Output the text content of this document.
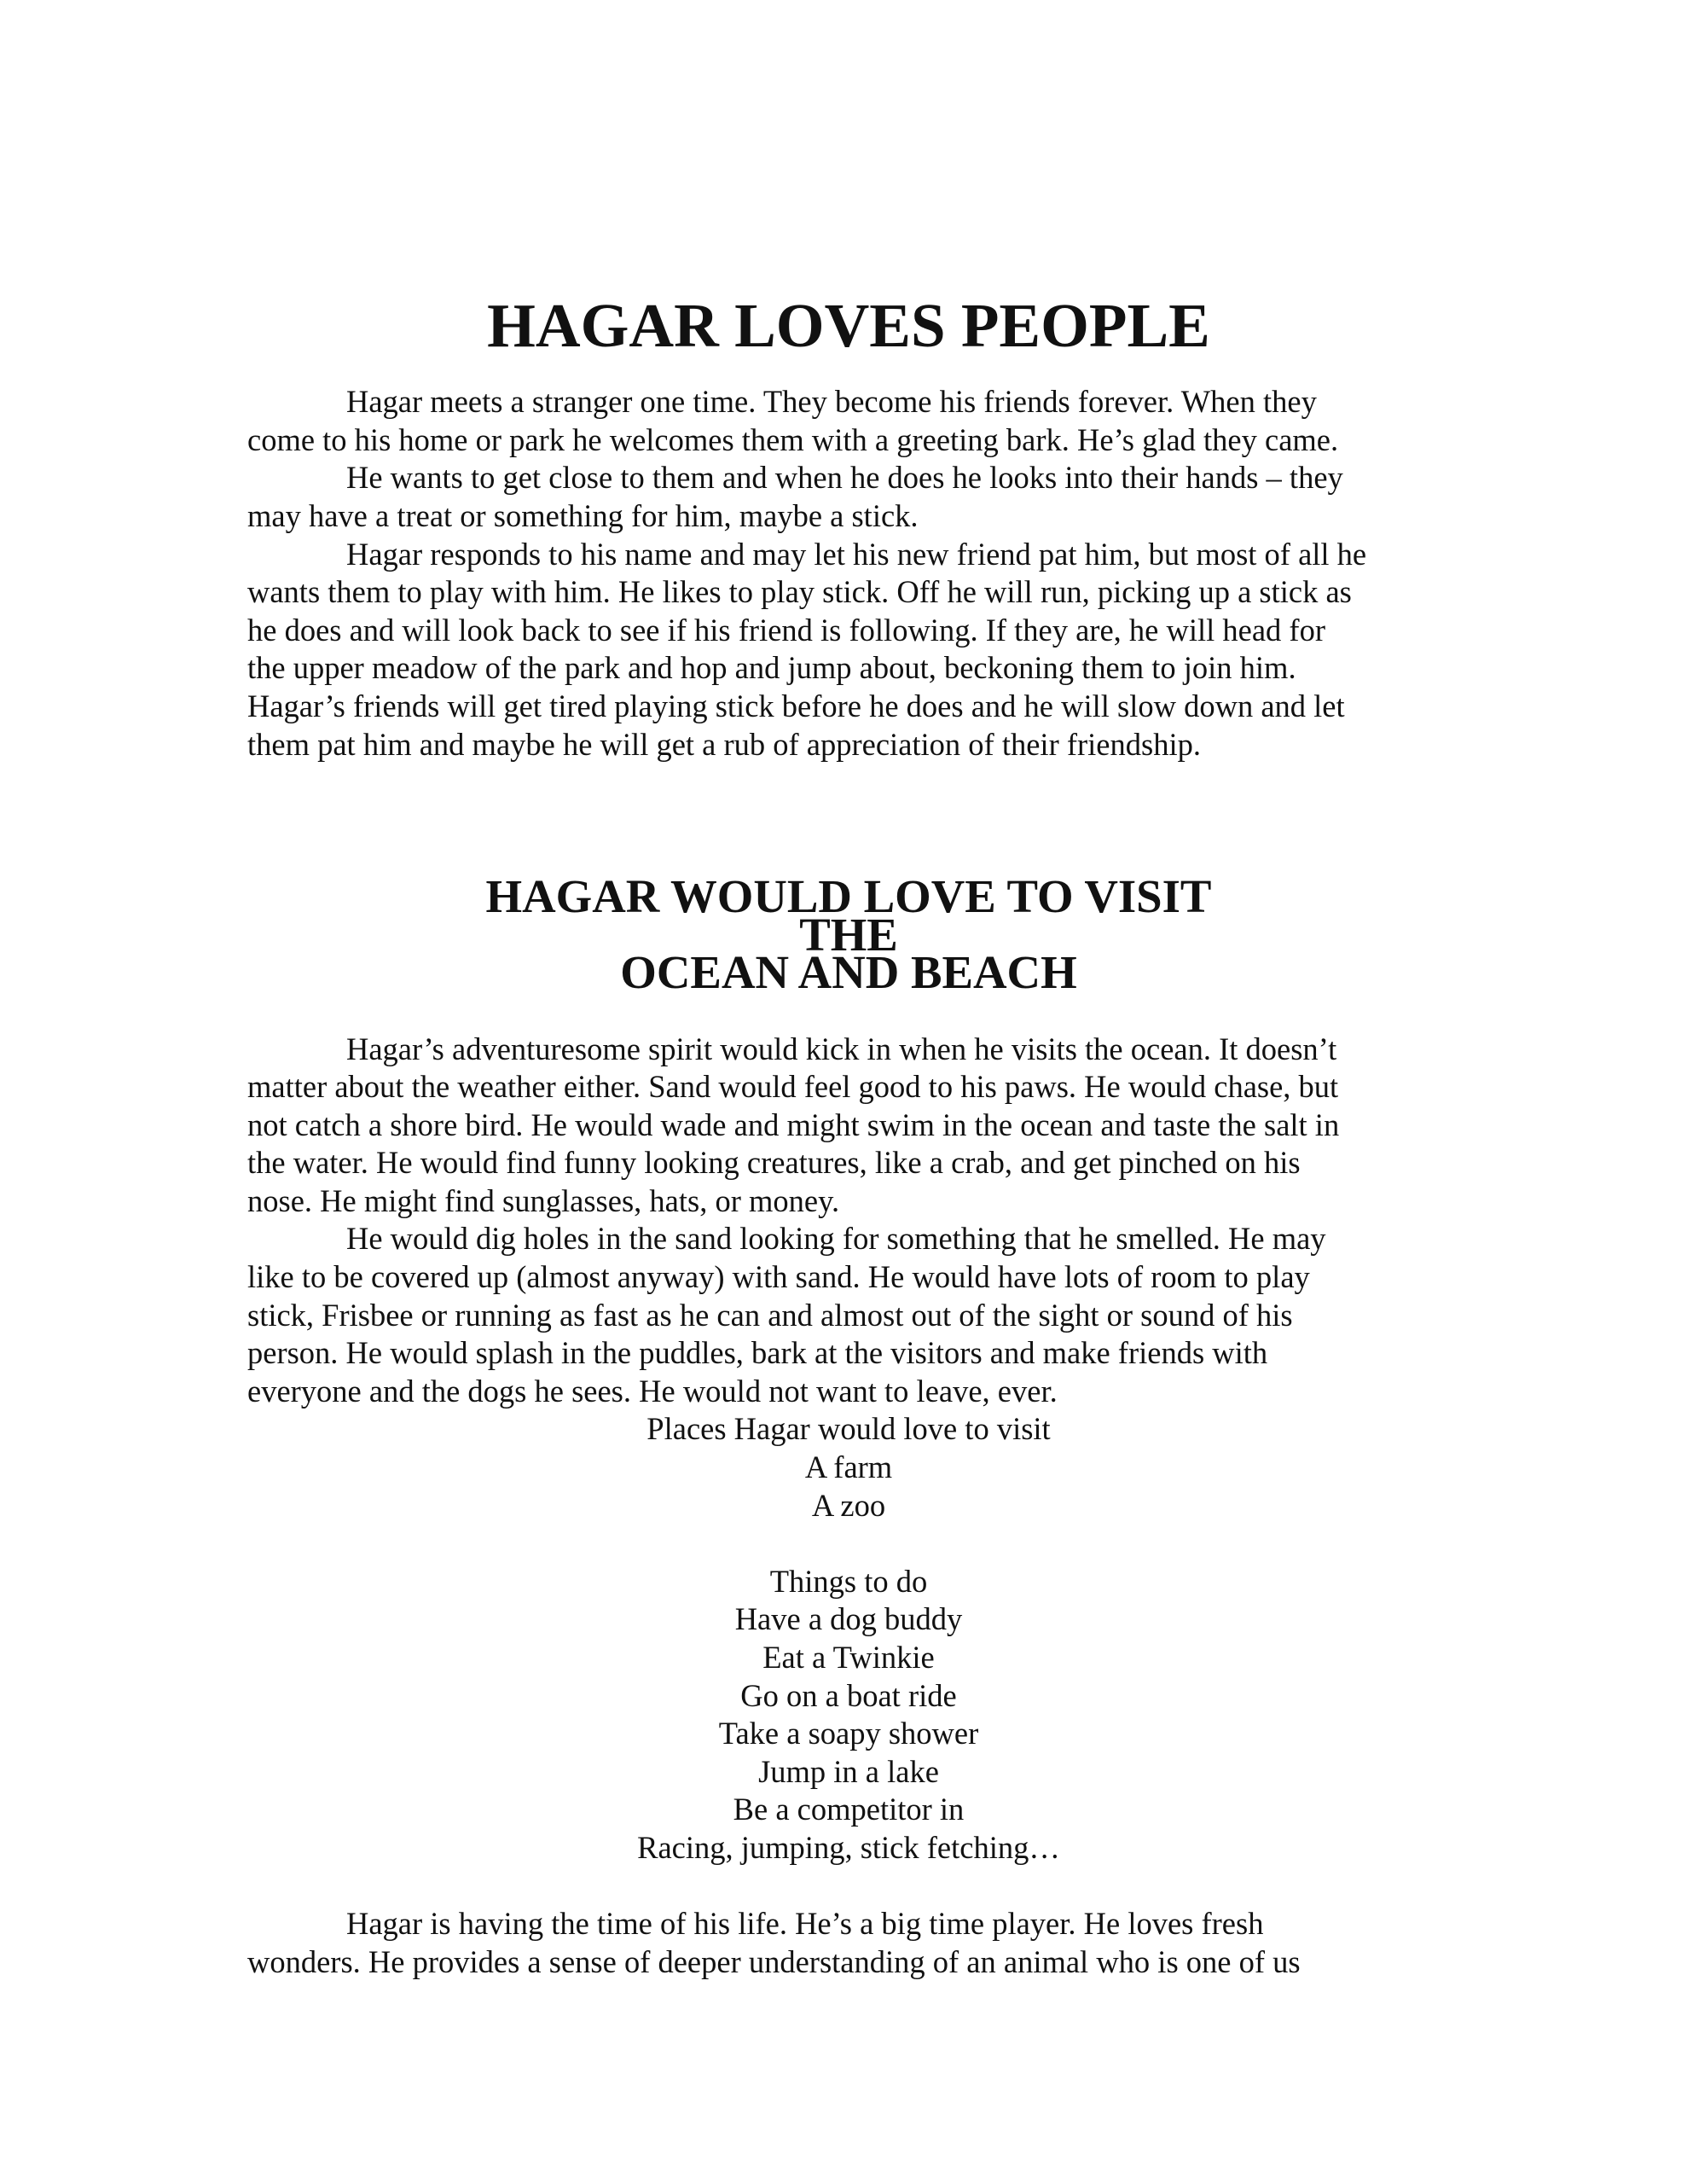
HAGAR LOVES PEOPLE

Hagar meets a stranger one time. They become his friends forever. When they
come to his home or park he welcomes them with a greeting bark. He’s glad they came.

He wants to get close to them and when he does he looks into their hands – they
may have a treat or something for him, maybe a stick.

Hagar responds to his name and may let his new friend pat him, but most of all he
wants them to play with him. He likes to play stick. Off he will run, picking up a stick as
he does and will look back to see if his friend is following. If they are, he will head for
the upper meadow of the park and hop and jump about, beckoning them to join him.
Hagar’s friends will get tired playing stick before he does and he will slow down and let
them pat him and maybe he will get a rub of appreciation of their friendship.

HAGAR WOULD LOVE TO VISIT
THE
OCEAN AND BEACH

Hagar’s adventuresome spirit would kick in when he visits the ocean. It doesn’t
matter about the weather either. Sand would feel good to his paws. He would chase, but
not catch a shore bird. He would wade and might swim in the ocean and taste the salt in
the water. He would find funny looking creatures, like a crab, and get pinched on his
nose. He might find sunglasses, hats, or money.

He would dig holes in the sand looking for something that he smelled. He may
like to be covered up (almost anyway) with sand. He would have lots of room to play
stick, Frisbee or running as fast as he can and almost out of the sight or sound of his
person. He would splash in the puddles, bark at the visitors and make friends with
everyone and the dogs he sees. He would not want to leave, ever.

Places Hagar would love to visit
A farm
A zoo
Things to do
Have a dog buddy
Eat a Twinkie
Go on a boat ride
Take a soapy shower
Jump in a lake
Be a competitor in
Racing, jumping, stick fetching…

Hagar is having the time of his life. He’s a big time player. He loves fresh
wonders. He provides a sense of deeper understanding of an animal who is one of us
